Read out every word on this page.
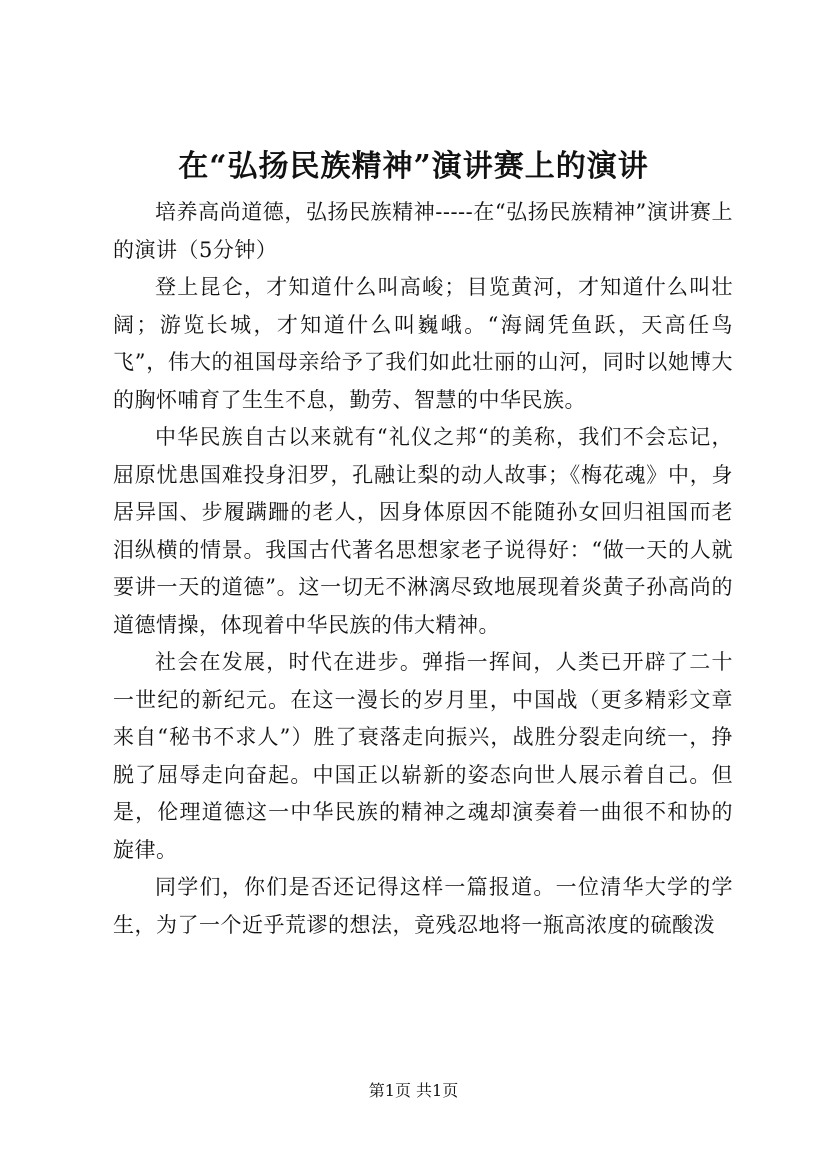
在“弘扬民族精神”演讲赛上的演讲

培养高尚道德，弘扬民族精神-----在“弘扬民族精神”演讲赛上的演讲（5分钟）

登上昆仑，才知道什么叫高峻；目览黄河，才知道什么叫壮阔；游览长城，才知道什么叫巍峨。“海阔凭鱼跃，天高任鸟飞”，伟大的祖国母亲给予了我们如此壮丽的山河，同时以她博大的胸怀哺育了生生不息，勤劳、智慧的中华民族。

中华民族自古以来就有“礼仪之邦“的美称，我们不会忘记，屈原忧患国难投身汨罗，孔融让梨的动人故事；《梅花魂》中，身居异国、步履蹒跚的老人，因身体原因不能随孙女回归祖国而老泪纵横的情景。我国古代著名思想家老子说得好：“做一天的人就要讲一天的道德”。这一切无不淋漓尽致地展现着炎黄子孙高尚的道德情操，体现着中华民族的伟大精神。

社会在发展，时代在进步。弹指一挥间，人类已开辟了二十一世纪的新纪元。在这一漫长的岁月里，中国战（更多精彩文章来自“秘书不求人”）胜了衰落走向振兴，战胜分裂走向统一，挣脱了屈辱走向奋起。中国正以崭新的姿态向世人展示着自己。但是，伦理道德这一中华民族的精神之魂却演奏着一曲很不和协的旋律。

同学们，你们是否还记得这样一篇报道。一位清华大学的学生，为了一个近乎荒谬的想法，竟残忍地将一瓶高浓度的硫酸泼

第1页 共1页
